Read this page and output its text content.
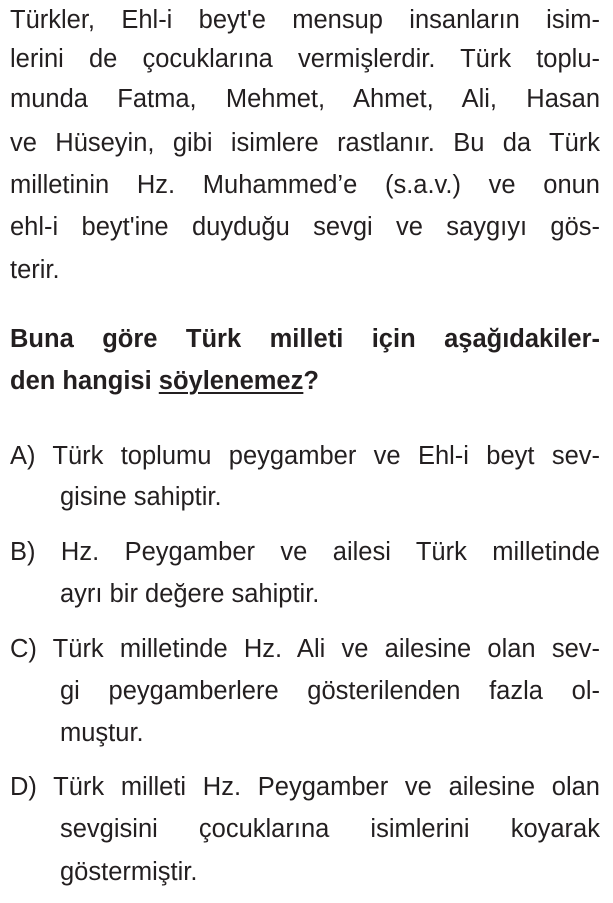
Türkler, Ehl-i beyt'e mensup insanların isim-
lerini de çocuklarına vermişlerdir. Türk toplu-
munda Fatma, Mehmet, Ahmet, Ali, Hasan
ve Hüseyin, gibi isimlere rastlanır. Bu da Türk
milletinin Hz. Muhammed’e (s.a.v.) ve onun
ehl-i beyt'ine duyduğu sevgi ve saygıyı gös-
terir.
Buna göre Türk milleti için aşağıdakiler-
den hangisi söylenemez?
A) Türk toplumu peygamber ve Ehl-i beyt sev-
gisine sahiptir.
B) Hz. Peygamber ve ailesi Türk milletinde
ayrı bir değere sahiptir.
C) Türk milletinde Hz. Ali ve ailesine olan sev-
gi peygamberlere gösterilenden fazla ol-
muştur.
D) Türk milleti Hz. Peygamber ve ailesine olan
sevgisini çocuklarına isimlerini koyarak
göstermiştir.
